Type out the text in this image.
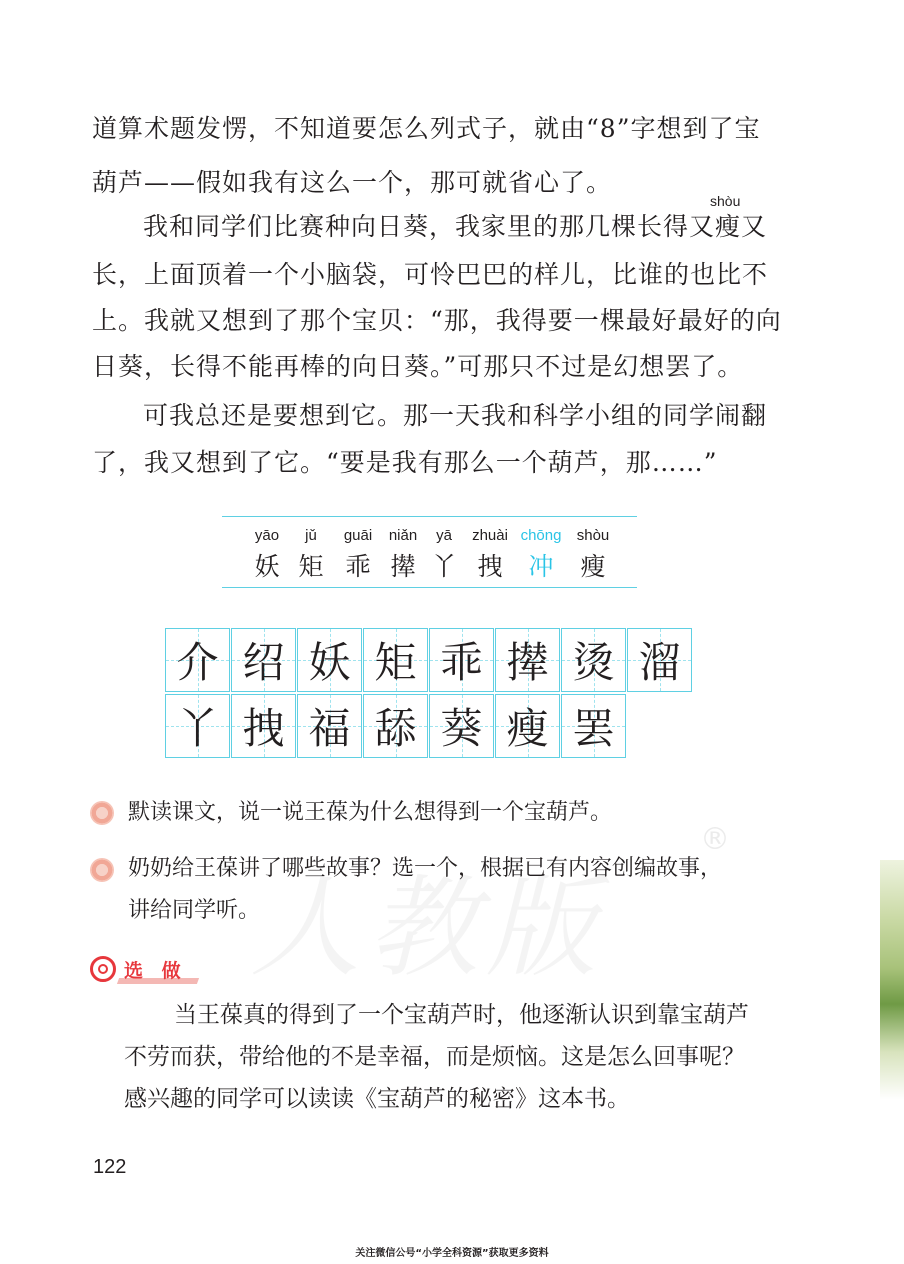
®
道算术题发愣，不知道要怎么列式子，就由“8”字想到了宝
葫芦——假如我有这么一个，那可就省心了。
shòu
我和同学们比赛种向日葵，我家里的那几棵长得又瘦又
长，上面顶着一个小脑袋，可怜巴巴的样儿，比谁的也比不
上。我就又想到了那个宝贝：“那，我得要一棵最好最好的向
日葵，长得不能再棒的向日葵。”可那只不过是幻想罢了。
可我总还是要想到它。那一天我和科学小组的同学闹翻
了，我又想到了它。“要是我有那么一个葫芦，那……”
yāo
妖
jǔ
矩
guāi
乖
niǎn
撵
yā
丫
zhuài
拽
chōng
冲
shòu
瘦
介 绍 妖 矩 乖 撵 烫 溜
丫 拽 福 舔 葵 瘦 罢
默读课文，说一说王葆为什么想得到一个宝葫芦。
奶奶给王葆讲了哪些故事？选一个，根据已有内容创编故事，
讲给同学听。
选 做
当王葆真的得到了一个宝葫芦时，他逐渐认识到靠宝葫芦
不劳而获，带给他的不是幸福，而是烦恼。这是怎么回事呢？
感兴趣的同学可以读读《宝葫芦的秘密》这本书。
122
关注微信公号“小学全科资源”获取更多资料
